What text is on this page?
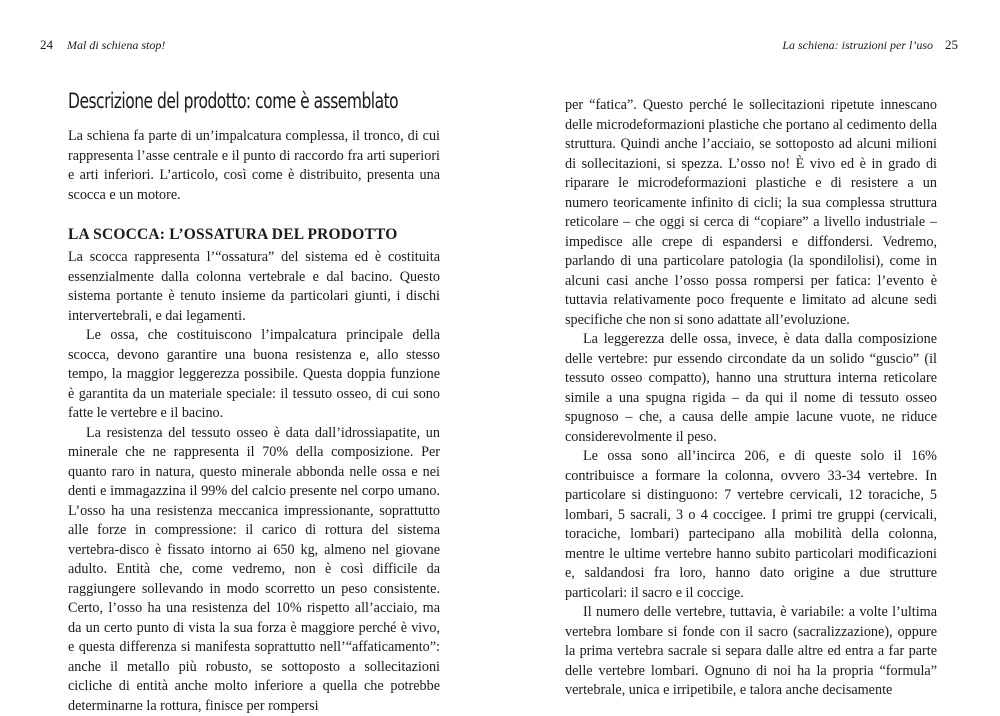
24 Mal di schiena stop!	La schiena: istruzioni per l’uso 25
Descrizione del prodotto: come è assemblato

La schiena fa parte di un’impalcatura complessa, il tronco, di cui rappresenta l’asse centrale e il punto di raccordo fra arti superiori e arti inferiori. L’articolo, così come è distribuito, presenta una scocca e un motore.

LA SCOCCA: L’OSSATURA DEL PRODOTTO

La scocca rappresenta l’“ossatura” del sistema ed è costituita essenzialmente dalla colonna vertebrale e dal bacino. Questo sistema portante è tenuto insieme da particolari giunti, i dischi intervertebrali, e dai legamenti.

Le ossa, che costituiscono l’impalcatura principale della scocca, devono garantire una buona resistenza e, allo stesso tempo, la maggior leggerezza possibile. Questa doppia funzione è garantita da un materiale speciale: il tessuto osseo, di cui sono fatte le vertebre e il bacino.

La resistenza del tessuto osseo è data dall’idrossiapatite, un minerale che ne rappresenta il 70% della composizione. Per quanto raro in natura, questo minerale abbonda nelle ossa e nei denti e immagazzina il 99% del calcio presente nel corpo umano. L’osso ha una resistenza meccanica impressionante, soprattutto alle forze in compressione: il carico di rottura del sistema vertebra-disco è fissato intorno ai 650 kg, almeno nel giovane adulto. Entità che, come vedremo, non è così difficile da raggiungere sollevando in modo scorretto un peso consistente. Certo, l’osso ha una resistenza del 10% rispetto all’acciaio, ma da un certo punto di vista la sua forza è maggiore perché è vivo, e questa differenza si manifesta soprattutto nell’“affaticamento”: anche il metallo più robusto, se sottoposto a sollecitazioni cicliche di entità anche molto inferiore a quella che potrebbe determinarne la rottura, finisce per rompersi

per “fatica”. Questo perché le sollecitazioni ripetute innescano delle microdeformazioni plastiche che portano al cedimento della struttura. Quindi anche l’acciaio, se sottoposto ad alcuni milioni di sollecitazioni, si spezza. L’osso no! È vivo ed è in grado di riparare le microdeformazioni plastiche e di resistere a un numero teoricamente infinito di cicli; la sua complessa struttura reticolare – che oggi si cerca di “copiare” a livello industriale – impedisce alle crepe di espandersi e diffondersi. Vedremo, parlando di una particolare patologia (la spondilolisi), come in alcuni casi anche l’osso possa rompersi per fatica: l’evento è tuttavia relativamente poco frequente e limitato ad alcune sedi specifiche che non si sono adattate all’evoluzione.

La leggerezza delle ossa, invece, è data dalla composizione delle vertebre: pur essendo circondate da un solido “guscio” (il tessuto osseo compatto), hanno una struttura interna reticolare simile a una spugna rigida – da qui il nome di tessuto osseo spugnoso – che, a causa delle ampie lacune vuote, ne riduce considerevolmente il peso.

Le ossa sono all’incirca 206, e di queste solo il 16% contribuisce a formare la colonna, ovvero 33-34 vertebre. In particolare si distinguono: 7 vertebre cervicali, 12 toraciche, 5 lombari, 5 sacrali, 3 o 4 coccigee. I primi tre gruppi (cervicali, toraciche, lombari) partecipano alla mobilità della colonna, mentre le ultime vertebre hanno subito particolari modificazioni e, saldandosi fra loro, hanno dato origine a due strutture particolari: il sacro e il coccige.

Il numero delle vertebre, tuttavia, è variabile: a volte l’ultima vertebra lombare si fonde con il sacro (sacralizzazione), oppure la prima vertebra sacrale si separa dalle altre ed entra a far parte delle vertebre lombari. Ognuno di noi ha la propria “formula” vertebrale, unica e irripetibile, e talora anche decisamente
